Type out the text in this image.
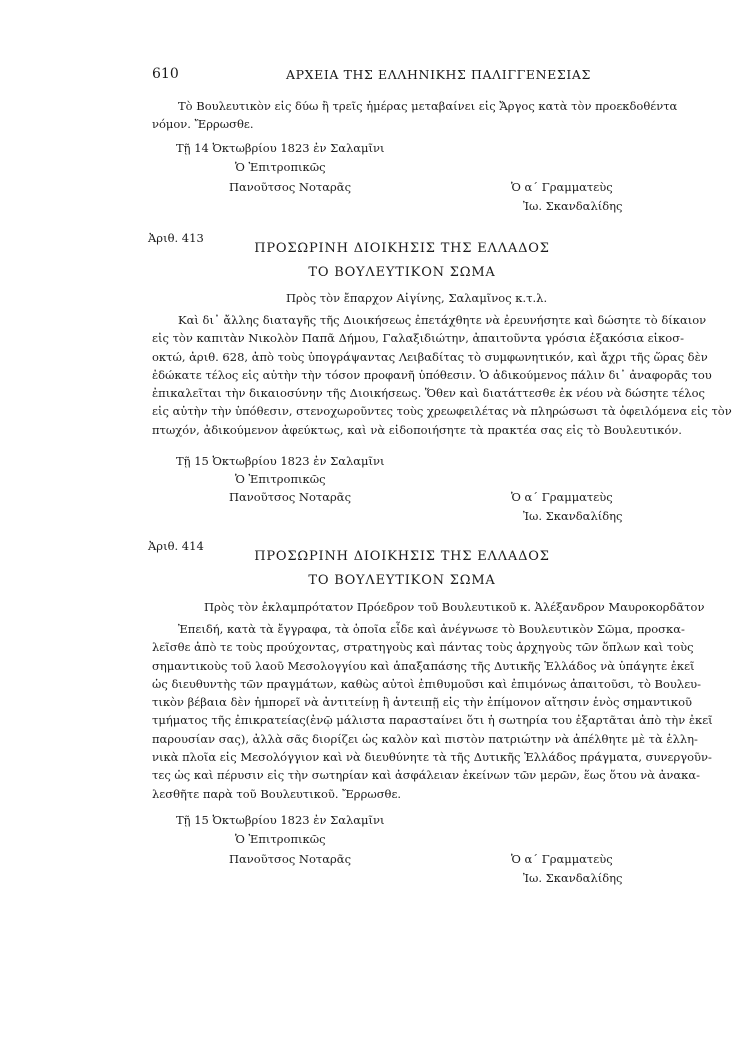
610	ΑΡΧΕΙΑ ΤΗΣ ΕΛΛΗΝΙΚΗΣ ΠΑΛΙΓΓΕΝΕΣΙΑΣ
Τὸ Βουλευτικὸν εἰς δύω ἢ τρεῖς ἡμέρας μεταβαίνει εἰς Ἄργος κατὰ τὸν προεκδοθέντα
νόμον. Ἔρρωσθε.
Τῇ 14 Ὀκτωβρίου 1823 ἐν Σαλαμῖνι
Ὁ Ἐπιτροπικῶς
Πανοῦτσος Νοταρᾶς	Ὁ α΄ Γραμματεὺς
Ἰω. Σκανδαλίδης
Ἀριθ. 413
ΠΡΟΣΩΡΙΝΗ ΔΙΟΙΚΗΣΙΣ ΤΗΣ ΕΛΛΑΔΟΣ
ΤΟ ΒΟΥΛΕΥΤΙΚΟΝ ΣΩΜΑ
Πρὸς τὸν ἔπαρχον Αἰγίνης, Σαλαμῖνος κ.τ.λ.
Καὶ δι᾽ ἄλλης διαταγῆς τῆς Διοικήσεως ἐπετάχθητε νὰ ἐρευνήσητε καὶ δώσητε τὸ δίκαιον
εἰς τὸν καπιτὰν Νικολὸν Παπᾶ Δήμου, Γαλαξιδιώτην, ἀπαιτοῦντα γρόσια ἑξακόσια εἰκοσ-
οκτώ, ἀριθ. 628, ἀπὸ τοὺς ὑπογράψαντας Λειβαδίτας τὸ συμφωνητικόν, καὶ ἄχρι τῆς ὥρας δὲν
ἐδώκατε τέλος εἰς αὐτὴν τὴν τόσον προφανῆ ὑπόθεσιν. Ὁ ἀδικούμενος πάλιν δι᾽ ἀναφορᾶς του
ἐπικαλεῖται τὴν δικαιοσύνην τῆς Διοικήσεως. Ὅθεν καὶ διατάττεσθε ἐκ νέου νὰ δώσητε τέλος
εἰς αὐτὴν τὴν ὑπόθεσιν, στενοχωροῦντες τοὺς χρεωφειλέτας νὰ πληρώσωσι τὰ ὀφειλόμενα εἰς τὸν
πτωχόν, ἀδικούμενον ἀφεύκτως, καὶ νὰ εἰδοποιήσητε τὰ πρακτέα σας εἰς τὸ Βουλευτικόν.
Τῇ 15 Ὀκτωβρίου 1823 ἐν Σαλαμῖνι
Ὁ Ἐπιτροπικῶς
Πανοῦτσος Νοταρᾶς	Ὁ α΄ Γραμματεὺς
Ἰω. Σκανδαλίδης
Ἀριθ. 414
ΠΡΟΣΩΡΙΝΗ ΔΙΟΙΚΗΣΙΣ ΤΗΣ ΕΛΛΑΔΟΣ
ΤΟ ΒΟΥΛΕΥΤΙΚΟΝ ΣΩΜΑ
Πρὸς τὸν ἐκλαμπρότατον Πρόεδρον τοῦ Βουλευτικοῦ κ. Ἀλέξανδρον Μαυροκορδᾶτον
Ἐπειδή, κατὰ τὰ ἔγγραφα, τὰ ὁποῖα εἶδε καὶ ἀνέγνωσε τὸ Βουλευτικὸν Σῶμα, προσκα-
λεῖσθε ἀπὸ τε τοὺς προύχοντας, στρατηγοὺς καὶ πάντας τοὺς ἀρχηγοὺς τῶν ὅπλων καὶ τοὺς
σημαντικοὺς τοῦ λαοῦ Μεσολογγίου καὶ ἁπαξαπάσης τῆς Δυτικῆς Ἑλλάδος νὰ ὑπάγητε ἐκεῖ
ὡς διευθυντὴς τῶν πραγμάτων, καθὼς αὐτοὶ ἐπιθυμοῦσι καὶ ἐπιμόνως ἀπαιτοῦσι, τὸ Βουλευ-
τικὸν βέβαια δὲν ἠμπορεῖ νὰ ἀντιτείνῃ ἢ ἀντειπῇ εἰς τὴν ἐπίμονον αἴτησιν ἑνὸς σημαντικοῦ
τμήματος τῆς ἐπικρατείας(ἐνῷ μάλιστα παρασταίνει ὅτι ἡ σωτηρία του ἐξαρτᾶται ἀπὸ τὴν ἐκεῖ
παρουσίαν σας), ἀλλὰ σᾶς διορίζει ὡς καλὸν καὶ πιστὸν πατριώτην νὰ ἀπέλθητε μὲ τὰ ἑλλη-
νικὰ πλοῖα εἰς Μεσολόγγιον καὶ νὰ διευθύνητε τὰ τῆς Δυτικῆς Ἑλλάδος πράγματα, συνεργοῦν-
τες ὡς καὶ πέρυσιν εἰς τὴν σωτηρίαν καὶ ἀσφάλειαν ἐκείνων τῶν μερῶν, ἕως ὅτου νὰ ἀνακα-
λεσθῆτε παρὰ τοῦ Βουλευτικοῦ. Ἔρρωσθε.
Τῇ 15 Ὀκτωβρίου 1823 ἐν Σαλαμῖνι
Ὁ Ἐπιτροπικῶς
Πανοῦτσος Νοταρᾶς	Ὁ α΄ Γραμματεὺς
Ἰω. Σκανδαλίδης
